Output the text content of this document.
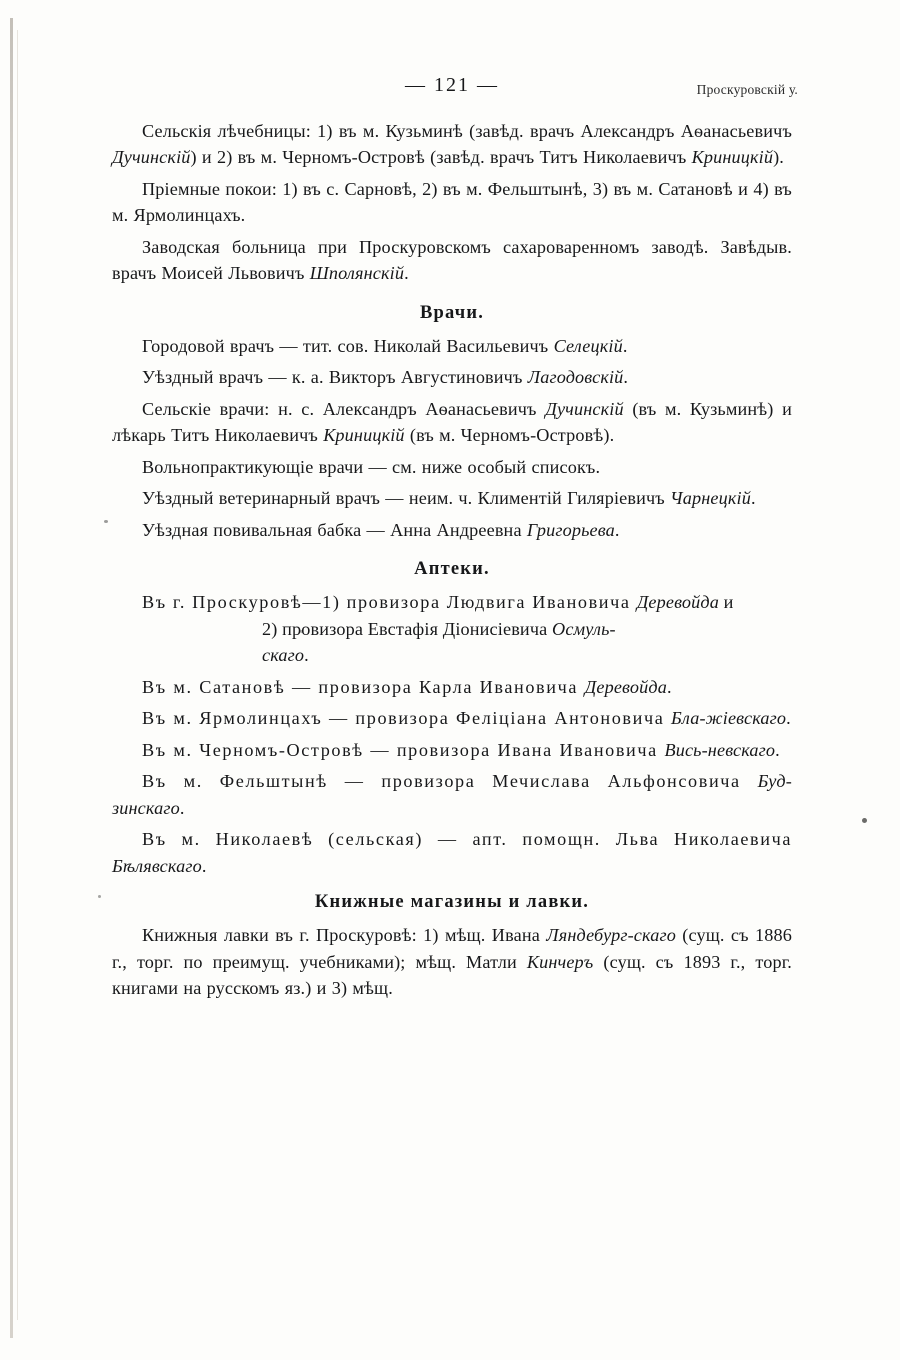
— 121 —	Проскуровскій у.

Сельскія лѣчебницы: 1) въ м. Кузьминѣ (завѣд. врачъ Александръ Аѳанасьевичъ Дучинскій) и 2) въ м. Черномъ-Островѣ (завѣд. врачъ Титъ Николаевичъ Криницкій).

Пріемные покои: 1) въ с. Сарновѣ, 2) въ м. Фельштынѣ, 3) въ м. Сатановѣ и 4) въ м. Ярмолинцахъ.

Заводская больница при Проскуровскомъ сахароваренномъ заводѣ. Завѣдыв. врачъ Моисей Львовичъ Шполянскій.

Врачи.

Городовой врачъ — тит. сов. Николай Васильевичъ Селецкій.

Уѣздный врачъ — к. а. Викторъ Августиновичъ Лагодовскій.

Сельскіе врачи: н. с. Александръ Аѳанасьевичъ Дучинскій (въ м. Кузьминѣ) и лѣкарь Титъ Николаевичъ Криницкій (въ м. Черномъ-Островѣ).

Вольнопрактикующіе врачи — см. ниже особый списокъ.

Уѣздный ветеринарный врачъ — неим. ч. Климентій Гилярieвичъ Чарнецкій.

Уѣздная повивальная бабка — Анна Андреевна Григорьева.

Аптеки.

Въ г. Проскуровѣ—1) провизора Людвига Ивановича Деревойда и
2) провизора Евстафія Діонисіевича Осмуль-
скаго.

Въ м. Сатановѣ — провизора Карла Ивановича Деревойда.

Въ м. Ярмолинцахъ — провизора Феліціана Антоновича Бла-жіевскаго.

Въ м. Черномъ-Островѣ — провизора Ивана Ивановича Вись-невскаго.

Въ м. Фельштынѣ — провизора Мечислава Альфонсовича Буд-зинскаго.

Въ м. Николаевѣ (сельская) — апт. помощн. Льва Николаевича Бѣлявскаго.

Книжные магазины и лавки.

Книжныя лавки въ г. Проскуровѣ: 1) мѣщ. Ивана Ляндебург-скаго (сущ. съ 1886 г., торг. по преимущ. учебниками); мѣщ. Матли Кинчеръ (сущ. съ 1893 г., торг. книгами на русскомъ яз.) и 3) мѣщ.
